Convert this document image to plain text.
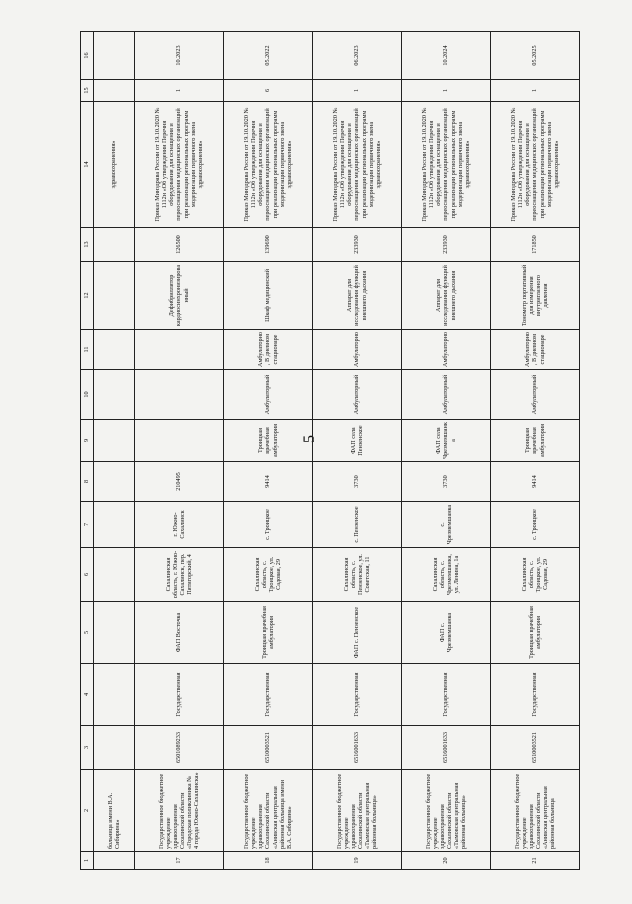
5
1	2	3	4	5	6	7	8	9	10	11	12	13	14	15	16
	больница имени В.А. Сибирина»												здравоохранения»		
17	Государственное бюджетное учреждение здравоохранения Сахалинской области «Городская поликлиника № 4 города Южно-Сахалинска»	6501089233	Государственная	ФАП Восточка	Сахалинская область, г. Южно-Сахалинск, пер. Пятигорский, 4	г. Южно-Сахалинск	210495				Дефибриллятор кардиосинхронизированный	126500	Приказ Минздрава России от 19.10.2020 № 1112н «Об утверждении Перечня оборудования для оснащения и переоснащения медицинских организаций при реализации региональных программ модернизации первичного звена здравоохранения»	1	10.2023
18	Государственное бюджетное учреждение здравоохранения Сахалинской области «Анивская центральная районная больница имени В.А. Сибирина»	6510003521	Государственная	Троицкая врачебная амбулатория	Сахалинская область, с. Троицкое, ул. Садовая, 29	с. Троицкое	9414	Троицкая врачебная амбулатория	Амбулаторный	Амбулаторно, В дневном стационаре	Шкаф медицинский	139690	Приказ Минздрава России от 19.10.2020 № 1112н «Об утверждении Перечня оборудования для оснащения и переоснащения медицинских организаций при реализации региональных программ модернизации первичного звена здравоохранения»	6	05.2022
19	Государственное бюджетное учреждение здравоохранения Сахалинской области «Тымовская центральная районная больница»	6516001633	Государственная	ФАП с. Пензенское	Сахалинская область, с. Пензенское, ул. Советская, 11	с. Пензенское	3730	ФАП села Пензенское	Амбулаторный	Амбулаторно	Аппарат для исследования функций внешнего дыхания	233930	Приказ Минздрава России от 19.10.2020 № 1112н «Об утверждении Перечня оборудования для оснащения и переоснащения медицинских организаций при реализации региональных программ модернизации первичного звена здравоохранения»	1	06.2023
20	Государственное бюджетное учреждение здравоохранения Сахалинской области «Тымовская центральная районная больница»	6516001633	Государственная	ФАП с. Чрезмемшанка	Сахалинская область, с. Чрезмемшанка, ул. Ленина, 1а	с. Чрезмемшанка	3730	ФАП села Чрезмемшанка	Амбулаторный	Амбулаторно	Аппарат для исследования функций внешнего дыхания	233930	Приказ Минздрава России от 19.10.2020 № 1112н «Об утверждении Перечня оборудования для оснащения и переоснащения медицинских организаций при реализации региональных программ модернизации первичного звена здравоохранения»	1	10.2024
21	Государственное бюджетное учреждение здравоохранения Сахалинской области «Анивская центральная районная больница	6510003521	Государственная	Троицкая врачебная амбулатория	Сахалинская область, с. Троицкое, ул. Садовая, 29	с. Троицкое	9414	Троицкая врачебная амбулатория	Амбулаторный	Амбулаторно, В дневном стационаре	Тонометр портативный для измерения внутриглазного давления	171850	Приказ Минздрава России от 19.10.2020 № 1112н «Об утверждении Перечня оборудования для оснащения и переоснащения медицинских организаций при реализации региональных программ модернизации первичного звена здравоохранения»	1	05.2025
